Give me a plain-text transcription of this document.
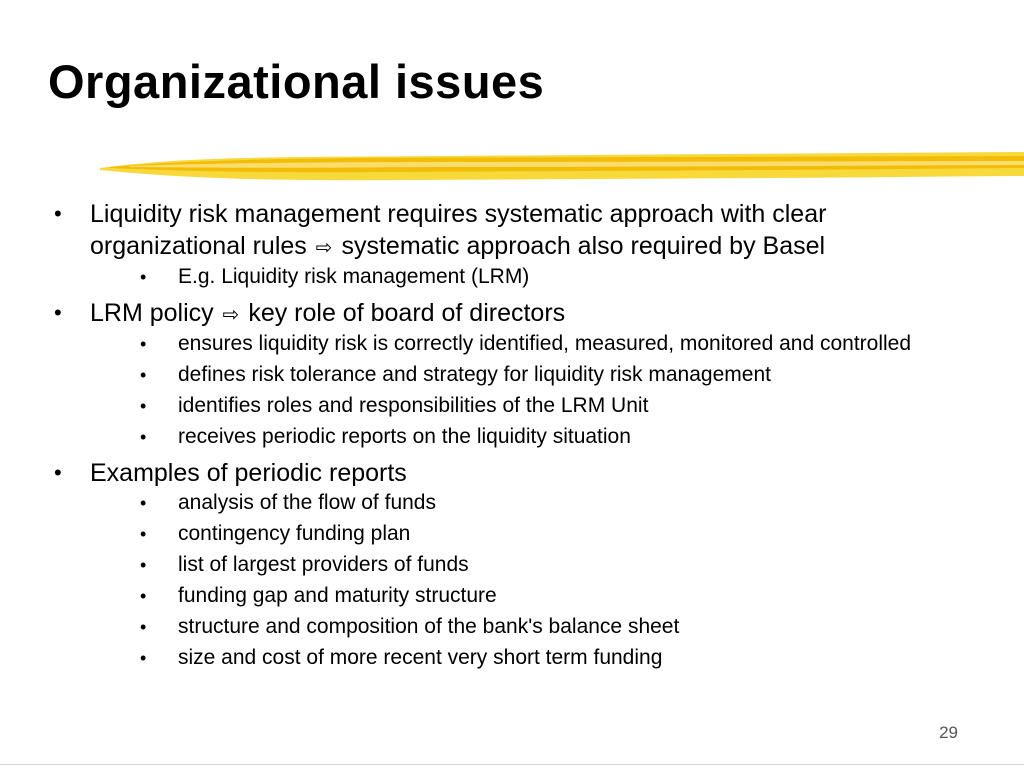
Organizational issues
• Liquidity risk management requires systematic approach with clear organizational rules ⇨ systematic approach also required by Basel
• E.g. Liquidity risk management (LRM)
• LRM policy ⇨ key role of board of directors
• ensures liquidity risk is correctly identified, measured, monitored and controlled
• defines risk tolerance and strategy for liquidity risk management
• identifies roles and responsibilities of the LRM Unit
• receives periodic reports on the liquidity situation
• Examples of periodic reports
• analysis of the flow of funds
• contingency funding plan
• list of largest providers of funds
• funding gap and maturity structure
• structure and composition of the bank's balance sheet
• size and cost of more recent very short term funding
29
